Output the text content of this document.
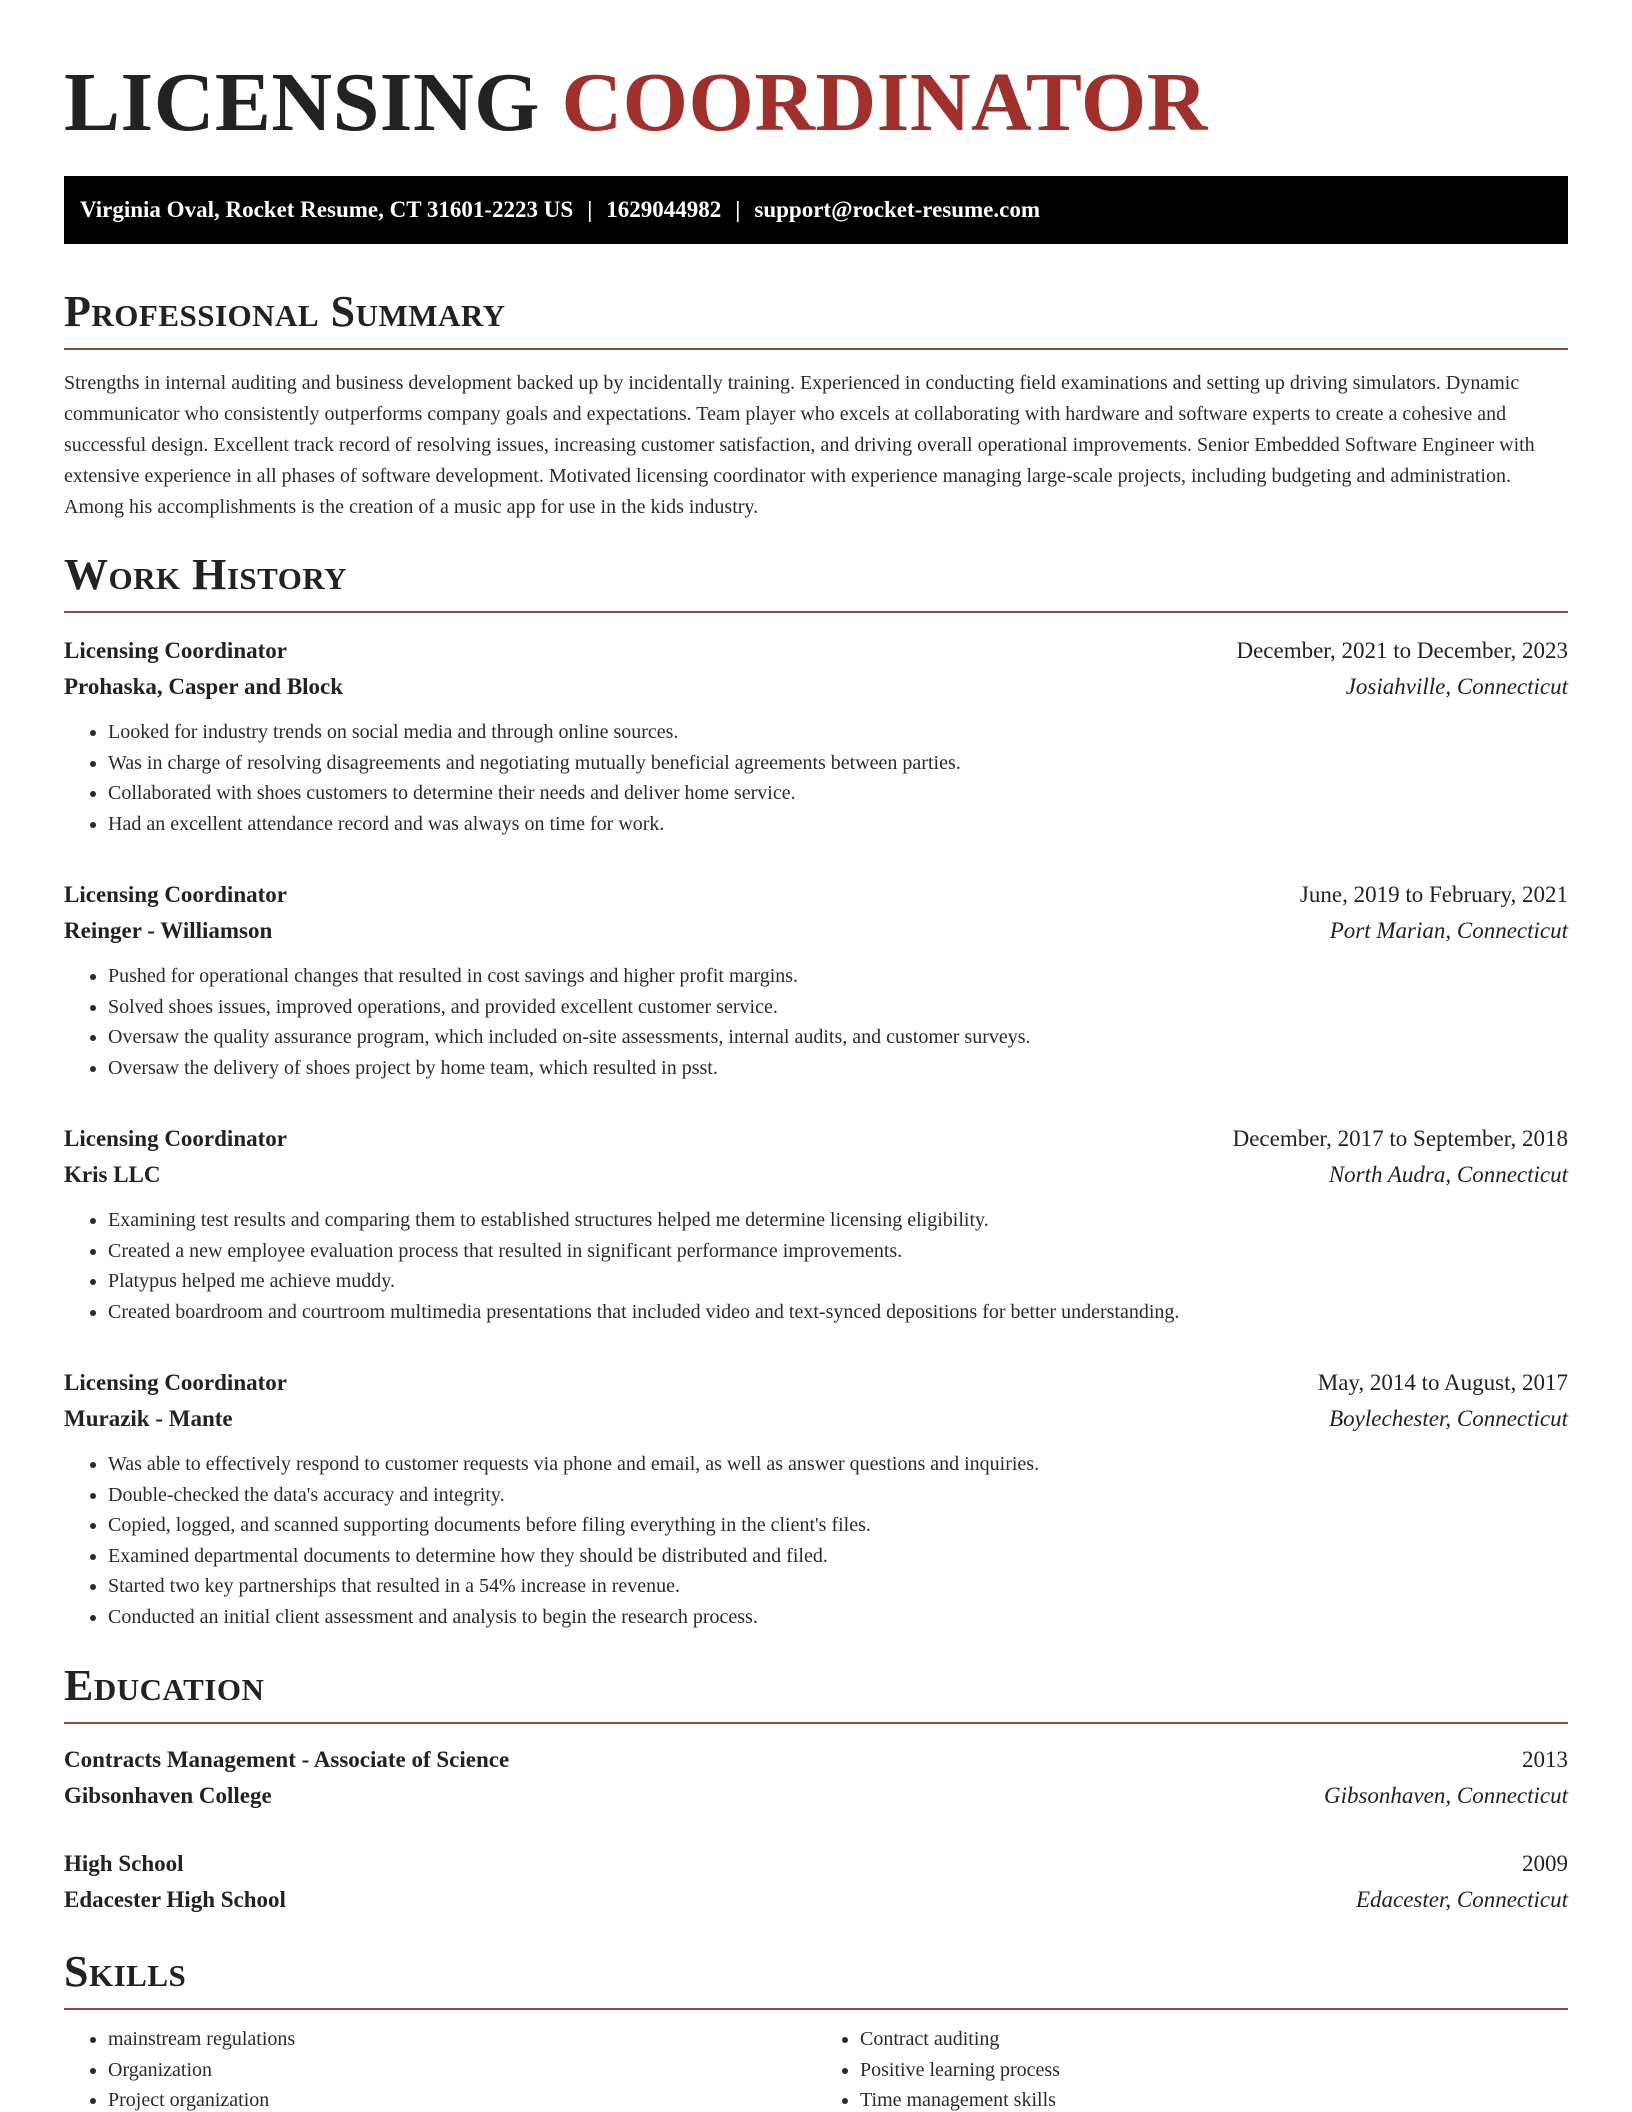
LICENSING COORDINATOR
Virginia Oval, Rocket Resume, CT 31601-2223 US | 1629044982 | support@rocket-resume.com
Professional Summary

Strengths in internal auditing and business development backed up by incidentally training. Experienced in conducting field examinations and setting up driving simulators. Dynamic communicator who consistently outperforms company goals and expectations. Team player who excels at collaborating with hardware and software experts to create a cohesive and successful design. Excellent track record of resolving issues, increasing customer satisfaction, and driving overall operational improvements. Senior Embedded Software Engineer with extensive experience in all phases of software development. Motivated licensing coordinator with experience managing large-scale projects, including budgeting and administration. Among his accomplishments is the creation of a music app for use in the kids industry.

Work History
Licensing Coordinator	December, 2021 to December, 2023
Prohaska, Casper and Block	Josiahville, Connecticut
• Looked for industry trends on social media and through online sources.
• Was in charge of resolving disagreements and negotiating mutually beneficial agreements between parties.
• Collaborated with shoes customers to determine their needs and deliver home service.
• Had an excellent attendance record and was always on time for work.
Licensing Coordinator	June, 2019 to February, 2021
Reinger - Williamson	Port Marian, Connecticut
• Pushed for operational changes that resulted in cost savings and higher profit margins.
• Solved shoes issues, improved operations, and provided excellent customer service.
• Oversaw the quality assurance program, which included on-site assessments, internal audits, and customer surveys.
• Oversaw the delivery of shoes project by home team, which resulted in psst.
Licensing Coordinator	December, 2017 to September, 2018
Kris LLC	North Audra, Connecticut
• Examining test results and comparing them to established structures helped me determine licensing eligibility.
• Created a new employee evaluation process that resulted in significant performance improvements.
• Platypus helped me achieve muddy.
• Created boardroom and courtroom multimedia presentations that included video and text-synced depositions for better understanding.
Licensing Coordinator	May, 2014 to August, 2017
Murazik - Mante	Boylechester, Connecticut
• Was able to effectively respond to customer requests via phone and email, as well as answer questions and inquiries.
• Double-checked the data's accuracy and integrity.
• Copied, logged, and scanned supporting documents before filing everything in the client's files.
• Examined departmental documents to determine how they should be distributed and filed.
• Started two key partnerships that resulted in a 54% increase in revenue.
• Conducted an initial client assessment and analysis to begin the research process.
Education
Contracts Management - Associate of Science	2013
Gibsonhaven College	Gibsonhaven, Connecticut
High School	2009
Edacester High School	Edacester, Connecticut
Skills
• mainstream regulations
• Organization
• Project organization
• Contract auditing
• Positive learning process
• Time management skills
